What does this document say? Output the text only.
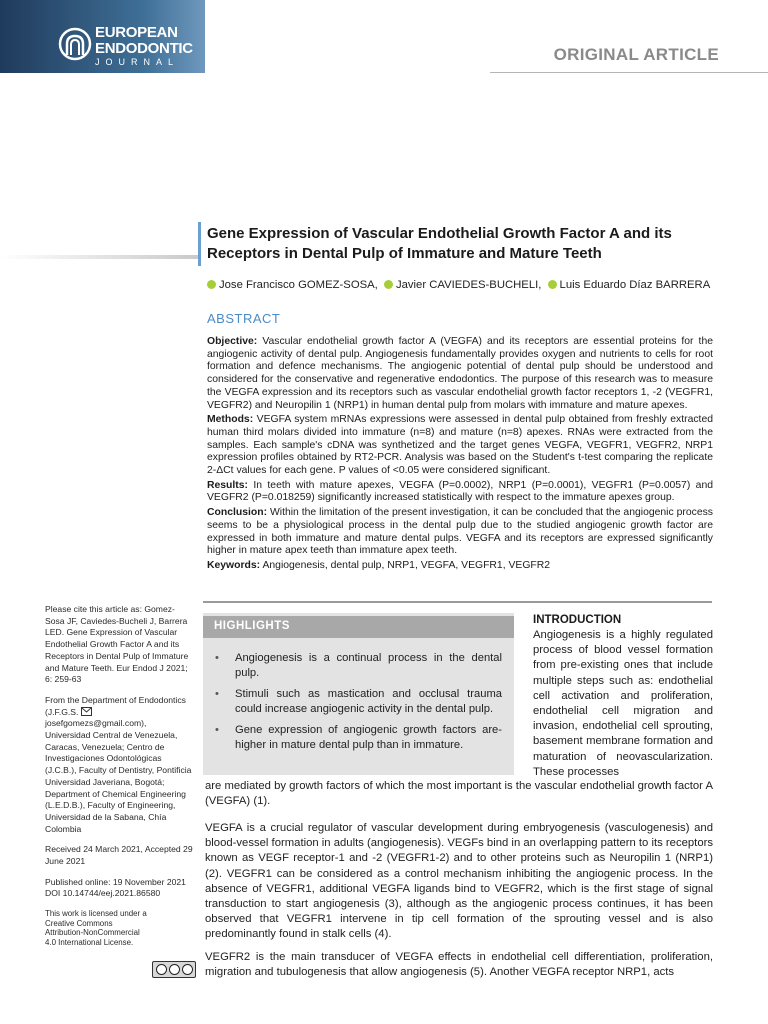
EUROPEAN
ENDODONTIC
JOURNAL	ORIGINAL ARTICLE
Gene Expression of Vascular Endothelial Growth Factor A and its Receptors in Dental Pulp of Immature and Mature Teeth
Jose Francisco GOMEZ-SOSA, Javier CAVIEDES-BUCHELI, Luis Eduardo Díaz BARRERA
ABSTRACT

Objective: Vascular endothelial growth factor A (VEGFA) and its receptors are essential proteins for the angiogenic activity of dental pulp. Angiogenesis fundamentally provides oxygen and nutrients to cells for root formation and defence mechanisms. The angiogenic potential of dental pulp should be understood and considered for the conservative and regenerative endodontics. The purpose of this research was to measure the VEGFA expression and its receptors such as vascular endothelial growth factor receptors 1, -2 (VEGFR1, VEGFR2) and Neuropilin 1 (NRP1) in human dental pulp from molars with immature and mature apexes.

Methods: VEGFA system mRNAs expressions were assessed in dental pulp obtained from freshly extracted human third molars divided into immature (n=8) and mature (n=8) apexes. RNAs were extracted from the samples. Each sample's cDNA was synthetized and the target genes VEGFA, VEGFR1, VEGFR2, NRP1 expression profiles obtained by RT2-PCR. Analysis was based on the Student's t-test comparing the replicate 2-ΔCt values for each gene. P values of <0.05 were considered significant.

Results: In teeth with mature apexes, VEGFA (P=0.0002), NRP1 (P=0.0001), VEGFR1 (P=0.0057) and VEGFR2 (P=0.018259) significantly increased statistically with respect to the immature apexes group.

Conclusion: Within the limitation of the present investigation, it can be concluded that the angiogenic process seems to be a physiological process in the dental pulp due to the studied angiogenic growth factor are expressed in both immature and mature dental pulps. VEGFA and its receptors are expressed significantly higher in mature apex teeth than immature apex teeth.

Keywords: Angiogenesis, dental pulp, NRP1, VEGFA, VEGFR1, VEGFR2

Please cite this article as: Gomez-Sosa JF, Caviedes-Bucheli J, Barrera LED. Gene Expression of Vascular Endothelial Growth Factor A and its Receptors in Dental Pulp of Immature and Mature Teeth. Eur Endod J 2021; 6: 259-63

From the Department of Endodontics (J.F.G.S.
josefgomezs@gmail.com), Universidad Central de Venezuela, Caracas, Venezuela; Centro de Investigaciones Odontológicas (J.C.B.), Faculty of Dentistry, Pontificia Universidad Javeriana, Bogotá; Department of Chemical Engineering (L.E.D.B.), Faculty of Engineering, Universidad de la Sabana, Chía Colombia

Received 24 March 2021, Accepted 29 June 2021

Published online: 19 November 2021 DOI 10.14744/eej.2021.86580

This work is licensed under a Creative Commons Attribution-NonCommercial 4.0 International License.

HIGHLIGHTS
• Angiogenesis is a continual process in the dental pulp.
• Stimuli such as mastication and occlusal trauma could increase angiogenic activity in the dental pulp.
• Gene expression of angiogenic growth factors are-higher in mature dental pulp than in immature.
INTRODUCTION
Angiogenesis is a highly regulated process of blood vessel formation from pre-existing ones that include multiple steps such as: endothelial cell activation and proliferation, endothelial cell migration and invasion, endothelial cell sprouting, basement membrane formation and maturation of neovascularization. These processes
are mediated by growth factors of which the most important is the vascular endothelial growth factor A (VEGFA) (1).
VEGFA is a crucial regulator of vascular development during embryogenesis (vasculogenesis) and blood-vessel formation in adults (angiogenesis). VEGFs bind in an overlapping pattern to its receptors known as VEGF receptor-1 and -2 (VEGFR1-2) and to other proteins such as Neuropilin 1 (NRP1) (2). VEGFR1 can be considered as a control mechanism inhibiting the angiogenic process. In the absence of VEGFR1, additional VEGFA ligands bind to VEGFR2, which is the first stage of signal transduction to start angiogenesis (3), although as the angiogenic process continues, it has been observed that VEGFR1 intervene in tip cell formation of the sprouting vessel and is also predominantly found in stalk cells (4).
VEGFR2 is the main transducer of VEGFA effects in endothelial cell differentiation, proliferation, migration and tubulogenesis that allow angiogenesis (5). Another VEGFA receptor NRP1, acts
